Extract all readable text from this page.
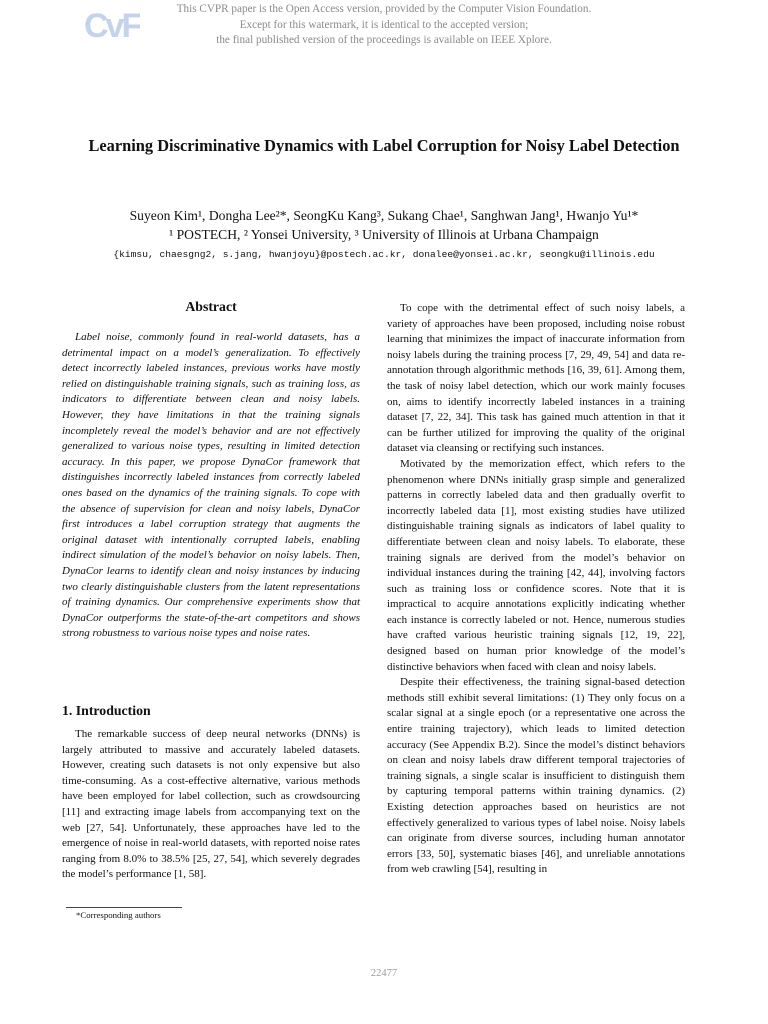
CvF	This CVPR paper is the Open Access version, provided by the Computer Vision Foundation.
Except for this watermark, it is identical to the accepted version;
the final published version of the proceedings is available on IEEE Xplore.
Learning Discriminative Dynamics with Label Corruption for Noisy Label Detection
Suyeon Kim¹, Dongha Lee²*, SeongKu Kang³, Sukang Chae¹, Sanghwan Jang¹, Hwanjo Yu¹*
¹ POSTECH, ² Yonsei University, ³ University of Illinois at Urbana Champaign
{kimsu, chaesgng2, s.jang, hwanjoyu}@postech.ac.kr, donalee@yonsei.ac.kr, seongku@illinois.edu
Abstract

Label noise, commonly found in real-world datasets, has a detrimental impact on a model’s generalization. To effectively detect incorrectly labeled instances, previous works have mostly relied on distinguishable training signals, such as training loss, as indicators to differentiate between clean and noisy labels. However, they have limitations in that the training signals incompletely reveal the model’s behavior and are not effectively generalized to various noise types, resulting in limited detection accuracy. In this paper, we propose DynaCor framework that distinguishes incorrectly labeled instances from correctly labeled ones based on the dynamics of the training signals. To cope with the absence of supervision for clean and noisy labels, DynaCor first introduces a label corruption strategy that augments the original dataset with intentionally corrupted labels, enabling indirect simulation of the model’s behavior on noisy labels. Then, DynaCor learns to identify clean and noisy instances by inducing two clearly distinguishable clusters from the latent representations of training dynamics. Our comprehensive experiments show that DynaCor outperforms the state-of-the-art competitors and shows strong robustness to various noise types and noise rates.

1. Introduction

The remarkable success of deep neural networks (DNNs) is largely attributed to massive and accurately labeled datasets. However, creating such datasets is not only expensive but also time-consuming. As a cost-effective alternative, various methods have been employed for label collection, such as crowdsourcing [11] and extracting image labels from accompanying text on the web [27, 54]. Unfortunately, these approaches have led to the emergence of noise in real-world datasets, with reported noise rates ranging from 8.0% to 38.5% [25, 27, 54], which severely degrades the model’s performance [1, 58].

*Corresponding authors

To cope with the detrimental effect of such noisy labels, a variety of approaches have been proposed, including noise robust learning that minimizes the impact of inaccurate information from noisy labels during the training process [7, 29, 49, 54] and data re-annotation through algorithmic methods [16, 39, 61]. Among them, the task of noisy label detection, which our work mainly focuses on, aims to identify incorrectly labeled instances in a training dataset [7, 22, 34]. This task has gained much attention in that it can be further utilized for improving the quality of the original dataset via cleansing or rectifying such instances.

Motivated by the memorization effect, which refers to the phenomenon where DNNs initially grasp simple and generalized patterns in correctly labeled data and then gradually overfit to incorrectly labeled data [1], most existing studies have utilized distinguishable training signals as indicators of label quality to differentiate between clean and noisy labels. To elaborate, these training signals are derived from the model’s behavior on individual instances during the training [42, 44], involving factors such as training loss or confidence scores. Note that it is impractical to acquire annotations explicitly indicating whether each instance is correctly labeled or not. Hence, numerous studies have crafted various heuristic training signals [12, 19, 22], designed based on human prior knowledge of the model’s distinctive behaviors when faced with clean and noisy labels.

Despite their effectiveness, the training signal-based detection methods still exhibit several limitations: (1) They only focus on a scalar signal at a single epoch (or a representative one across the entire training trajectory), which leads to limited detection accuracy (See Appendix B.2). Since the model’s distinct behaviors on clean and noisy labels draw different temporal trajectories of training signals, a single scalar is insufficient to distinguish them by capturing temporal patterns within training dynamics. (2) Existing detection approaches based on heuristics are not effectively generalized to various types of label noise. Noisy labels can originate from diverse sources, including human annotator errors [33, 50], systematic biases [46], and unreliable annotations from web crawling [54], resulting in

22477
